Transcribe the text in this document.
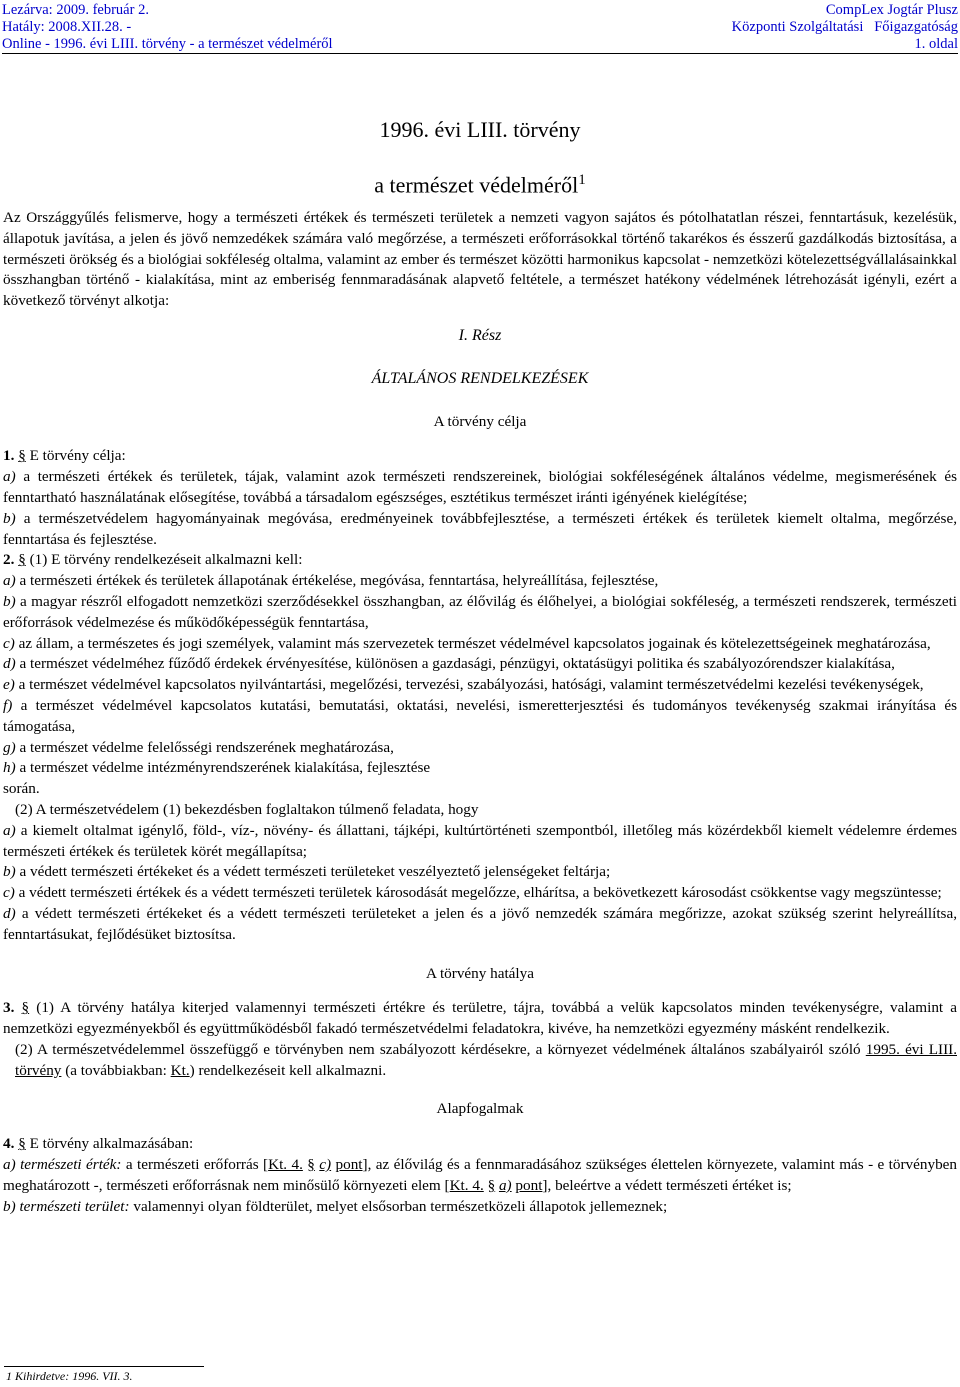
Lezárva: 2009. február 2.
Hatály: 2008.XII.28. -
Online - 1996. évi LIII. törvény - a természet védelméről
CompLex Jogtár Plusz
Központi Szolgáltatási   Főigazgatóság
1. oldal
1996. évi LIII. törvény
a természet védelméről$^1$

Az Országgyűlés felismerve, hogy a természeti értékek és természeti területek a nemzeti vagyon sajátos és pótolhatatlan részei, fenntartásuk, kezelésük, állapotuk javítása, a jelen és jövő nemzedékek számára való megőrzése, a természeti erőforrásokkal történő takarékos és ésszerű gazdálkodás biztosítása, a természeti örökség és a biológiai sokféleség oltalma, valamint az ember és természet közötti harmonikus kapcsolat - nemzetközi kötelezettségvállalásainkkal összhangban történő - kialakítása, mint az emberiség fennmaradásának alapvető feltétele, a természet hatékony védelmének létrehozását igényli, ezért a következő törvényt alkotja:

I. Rész

ÁLTALÁNOS RENDELKEZÉSEK

A törvény célja

1. § E törvény célja:

a) a természeti értékek és területek, tájak, valamint azok természeti rendszereinek, biológiai sokféleségének általános védelme, megismerésének és fenntartható használatának elősegítése, továbbá a társadalom egészséges, esztétikus természet iránti igényének kielégítése;

b) a természetvédelem hagyományainak megóvása, eredményeinek továbbfejlesztése, a természeti értékek és területek kiemelt oltalma, megőrzése, fenntartása és fejlesztése.

2. § (1) E törvény rendelkezéseit alkalmazni kell:

a) a természeti értékek és területek állapotának értékelése, megóvása, fenntartása, helyreállítása, fejlesztése,

b) a magyar részről elfogadott nemzetközi szerződésekkel összhangban, az élővilág és élőhelyei, a biológiai sokféleség, a természeti rendszerek, természeti erőforrások védelmezése és működőképességük fenntartása,

c) az állam, a természetes és jogi személyek, valamint más szervezetek természet védelmével kapcsolatos jogainak és kötelezettségeinek meghatározása,

d) a természet védelméhez fűződő érdekek érvényesítése, különösen a gazdasági, pénzügyi, oktatásügyi politika és szabályozórendszer kialakítása,

e) a természet védelmével kapcsolatos nyilvántartási, megelőzési, tervezési, szabályozási, hatósági, valamint természetvédelmi kezelési tevékenységek,

f) a természet védelmével kapcsolatos kutatási, bemutatási, oktatási, nevelési, ismeretterjesztési és tudományos tevékenység szakmai irányítása és támogatása,

g) a természet védelme felelősségi rendszerének meghatározása,

h) a természet védelme intézményrendszerének kialakítása, fejlesztése

során.

(2) A természetvédelem (1) bekezdésben foglaltakon túlmenő feladata, hogy

a) a kiemelt oltalmat igénylő, föld-, víz-, növény- és állattani, tájképi, kultúrtörténeti szempontból, illetőleg más közérdekből kiemelt védelemre érdemes természeti értékek és területek körét megállapítsa;

b) a védett természeti értékeket és a védett természeti területeket veszélyeztető jelenségeket feltárja;

c) a védett természeti értékek és a védett természeti területek károsodását megelőzze, elhárítsa, a bekövetkezett károsodást csökkentse vagy megszüntesse;

d) a védett természeti értékeket és a védett természeti területeket a jelen és a jövő nemzedék számára megőrizze, azokat szükség szerint helyreállítsa, fenntartásukat, fejlődésüket biztosítsa.

A törvény hatálya

3. § (1) A törvény hatálya kiterjed valamennyi természeti értékre és területre, tájra, továbbá a velük kapcsolatos minden tevékenységre, valamint a nemzetközi egyezményekből és együttműködésből fakadó természetvédelmi feladatokra, kivéve, ha nemzetközi egyezmény másként rendelkezik.

(2) A természetvédelemmel összefüggő e törvényben nem szabályozott kérdésekre, a környezet védelmének általános szabályairól szóló 1995. évi LIII. törvény (a továbbiakban: Kt.) rendelkezéseit kell alkalmazni.

Alapfogalmak

4. § E törvény alkalmazásában:

a) természeti érték: a természeti erőforrás [Kt. 4. § c) pont], az élővilág és a fennmaradásához szükséges élettelen környezete, valamint más - e törvényben meghatározott -, természeti erőforrásnak nem minősülő környezeti elem [Kt. 4. § a) pont], beleértve a védett természeti értéket is;

b) természeti terület: valamennyi olyan földterület, melyet elsősorban természetközeli állapotok jellemeznek;

1 Kihirdetve: 1996. VII. 3.
